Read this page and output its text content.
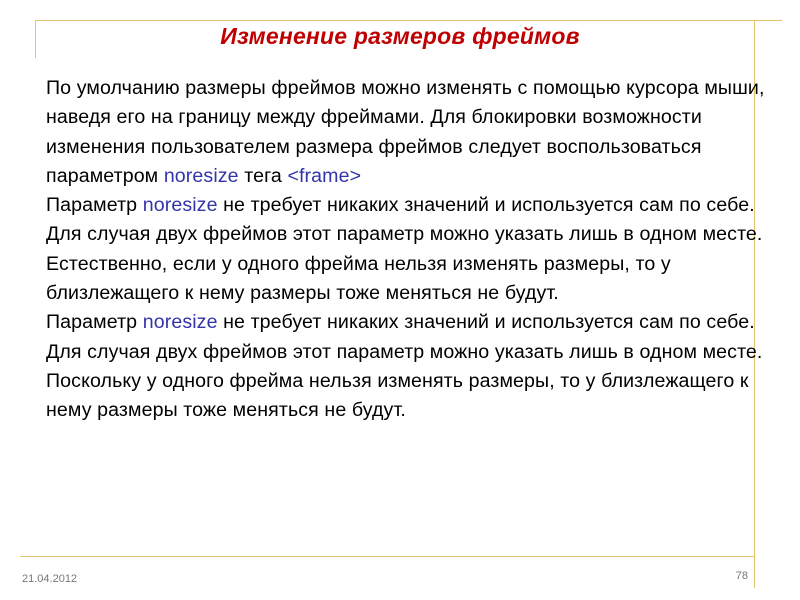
Изменение размеров фреймов

По умолчанию размеры фреймов можно изменять с помощью курсора мыши, наведя его на границу между фреймами. Для блокировки возможности изменения пользователем размера фреймов следует воспользоваться параметром noresize тега <frame>

Параметр noresize не требует никаких значений и используется сам по себе. Для случая двух фреймов этот параметр можно указать лишь в одном месте. Естественно, если у одного фрейма нельзя изменять размеры, то у близлежащего к нему размеры тоже меняться не будут.

Параметр noresize не требует никаких значений и используется сам по себе. Для случая двух фреймов этот параметр можно указать лишь в одном месте.

Поскольку у одного фрейма нельзя изменять размеры, то у близлежащего к нему размеры тоже меняться не будут.

21.04.2012	78
